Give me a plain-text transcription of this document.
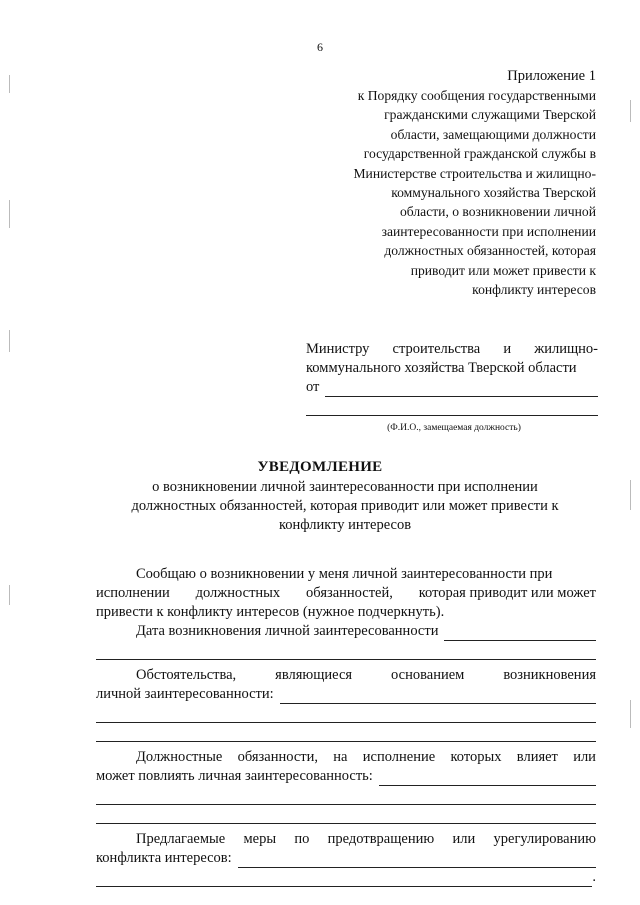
6
Приложение 1
к Порядку сообщения государственными
гражданскими служащими Тверской
области, замещающими должности
государственной гражданской службы в
Министерстве строительства и жилищно-
коммунального хозяйства Тверской
области, о возникновении личной
заинтересованности при исполнении
должностных обязанностей, которая
приводит или может привести к
конфликту интересов
Министру строительства и жилищно-
коммунального хозяйства Тверской области
от
(Ф.И.О., замещаемая должность)
УВЕДОМЛЕНИЕ
о возникновении личной заинтересованности при исполнении
должностных обязанностей, которая приводит или может привести к
конфликту интересов
Сообщаю о возникновении у меня личной заинтересованности при
исполнении должностных обязанностей, которая приводит или может
привести к конфликту интересов (нужное подчеркнуть).
Дата возникновения личной заинтересованности
Обстоятельства,	являющиеся	основанием	возникновения
личной заинтересованности:
Должностные обязанности, на исполнение которых влияет или
может повлиять личная заинтересованность:
Предлагаемые меры по предотвращению или урегулированию
конфликта интересов:
.
